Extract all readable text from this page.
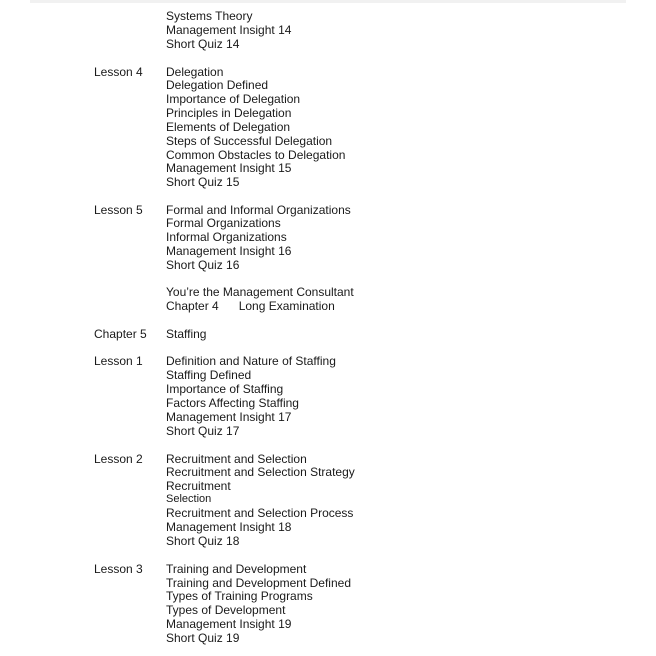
Systems Theory
Management Insight 14
Short Quiz 14
Lesson 4 Delegation
Delegation Defined
Importance of Delegation
Principles in Delegation
Elements of Delegation
Steps of Successful Delegation
Common Obstacles to Delegation
Management Insight 15
Short Quiz 15
Lesson 5 Formal and Informal Organizations
Formal Organizations
Informal Organizations
Management Insight 16
Short Quiz 16
You’re the Management Consultant
Chapter 4 Long Examination
Chapter 5 Staffing
Lesson 1 Definition and Nature of Staffing
Staffing Defined
Importance of Staffing
Factors Affecting Staffing
Management Insight 17
Short Quiz 17
Lesson 2 Recruitment and Selection
Recruitment and Selection Strategy
Recruitment
Selection
Recruitment and Selection Process
Management Insight 18
Short Quiz 18
Lesson 3 Training and Development
Training and Development Defined
Types of Training Programs
Types of Development
Management Insight 19
Short Quiz 19
